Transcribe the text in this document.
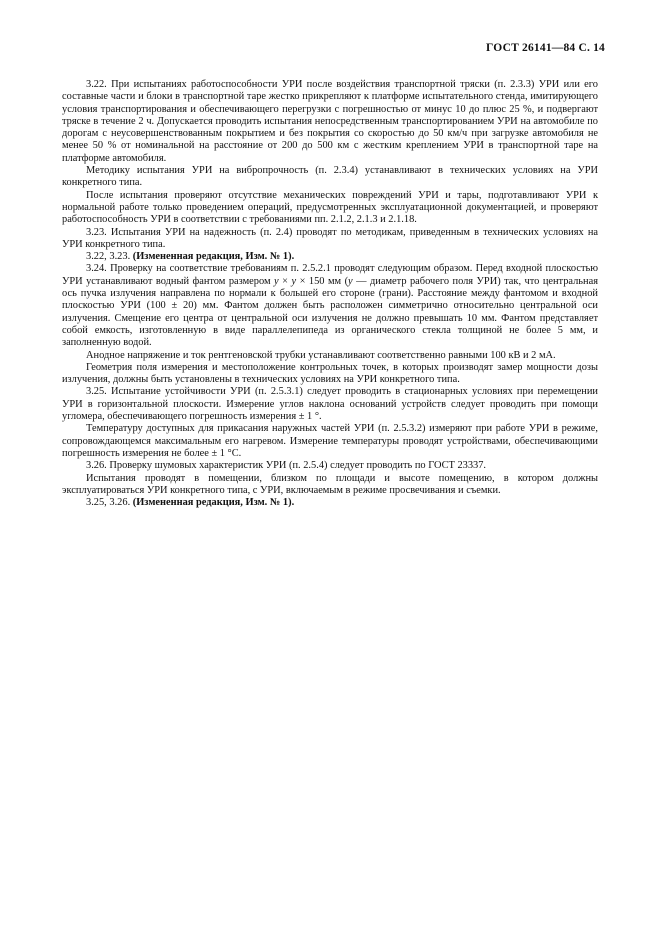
ГОСТ 26141—84 С. 14

3.22. При испытаниях работоспособности УРИ после воздействия транспортной тряски (п. 2.3.3) УРИ или его составные части и блоки в транспортной таре жестко прикрепляют к платформе испытательного стенда, имитирующего условия транспортирования и обеспечивающего перегрузки с погрешностью от минус 10 до плюс 25 %, и подвергают тряске в течение 2 ч. Допускается проводить испытания непосредственным транспортированием УРИ на автомобиле по дорогам с неусовершенствованным покрытием и без покрытия со скоростью до 50 км/ч при загрузке автомобиля не менее 50 % от номинальной на расстояние от 200 до 500 км с жестким креплением УРИ в транспортной таре на платформе автомобиля.

Методику испытания УРИ на вибропрочность (п. 2.3.4) устанавливают в технических условиях на УРИ конкретного типа.

После испытания проверяют отсутствие механических повреждений УРИ и тары, подготавливают УРИ к нормальной работе только проведением операций, предусмотренных эксплуатационной документацией, и проверяют работоспособность УРИ в соответствии с требованиями пп. 2.1.2, 2.1.3 и 2.1.18.

3.23. Испытания УРИ на надежность (п. 2.4) проводят по методикам, приведенным в технических условиях на УРИ конкретного типа.

3.22, 3.23. (Измененная редакция, Изм. № 1).

3.24. Проверку на соответствие требованиям п. 2.5.2.1 проводят следующим образом. Перед входной плоскостью УРИ устанавливают водный фантом размером y × y × 150 мм (y — диаметр рабочего поля УРИ) так, что центральная ось пучка излучения направлена по нормали к большей его стороне (грани). Расстояние между фантомом и входной плоскостью УРИ (100 ± 20) мм. Фантом должен быть расположен симметрично относительно центральной оси излучения. Смещение его центра от центральной оси излучения не должно превышать 10 мм. Фантом представляет собой емкость, изготовленную в виде параллелепипеда из органического стекла толщиной не более 5 мм, и заполненную водой.

Анодное напряжение и ток рентгеновской трубки устанавливают соответственно равными 100 кВ и 2 мА.

Геометрия поля измерения и местоположение контрольных точек, в которых производят замер мощности дозы излучения, должны быть установлены в технических условиях на УРИ конкретного типа.

3.25. Испытание устойчивости УРИ (п. 2.5.3.1) следует проводить в стационарных условиях при перемещении УРИ в горизонтальной плоскости. Измерение углов наклона оснований устройств следует проводить при помощи угломера, обеспечивающего погрешность измерения ± 1 °.

Температуру доступных для прикасания наружных частей УРИ (п. 2.5.3.2) измеряют при работе УРИ в режиме, сопровождающемся максимальным его нагревом. Измерение температуры проводят устройствами, обеспечивающими погрешность измерения не более ± 1 °С.

3.26. Проверку шумовых характеристик УРИ (п. 2.5.4) следует проводить по ГОСТ 23337.

Испытания проводят в помещении, близком по площади и высоте помещению, в котором должны эксплуатироваться УРИ конкретного типа, с УРИ, включаемым в режиме просвечивания и съемки.

3.25, 3.26. (Измененная редакция, Изм. № 1).
